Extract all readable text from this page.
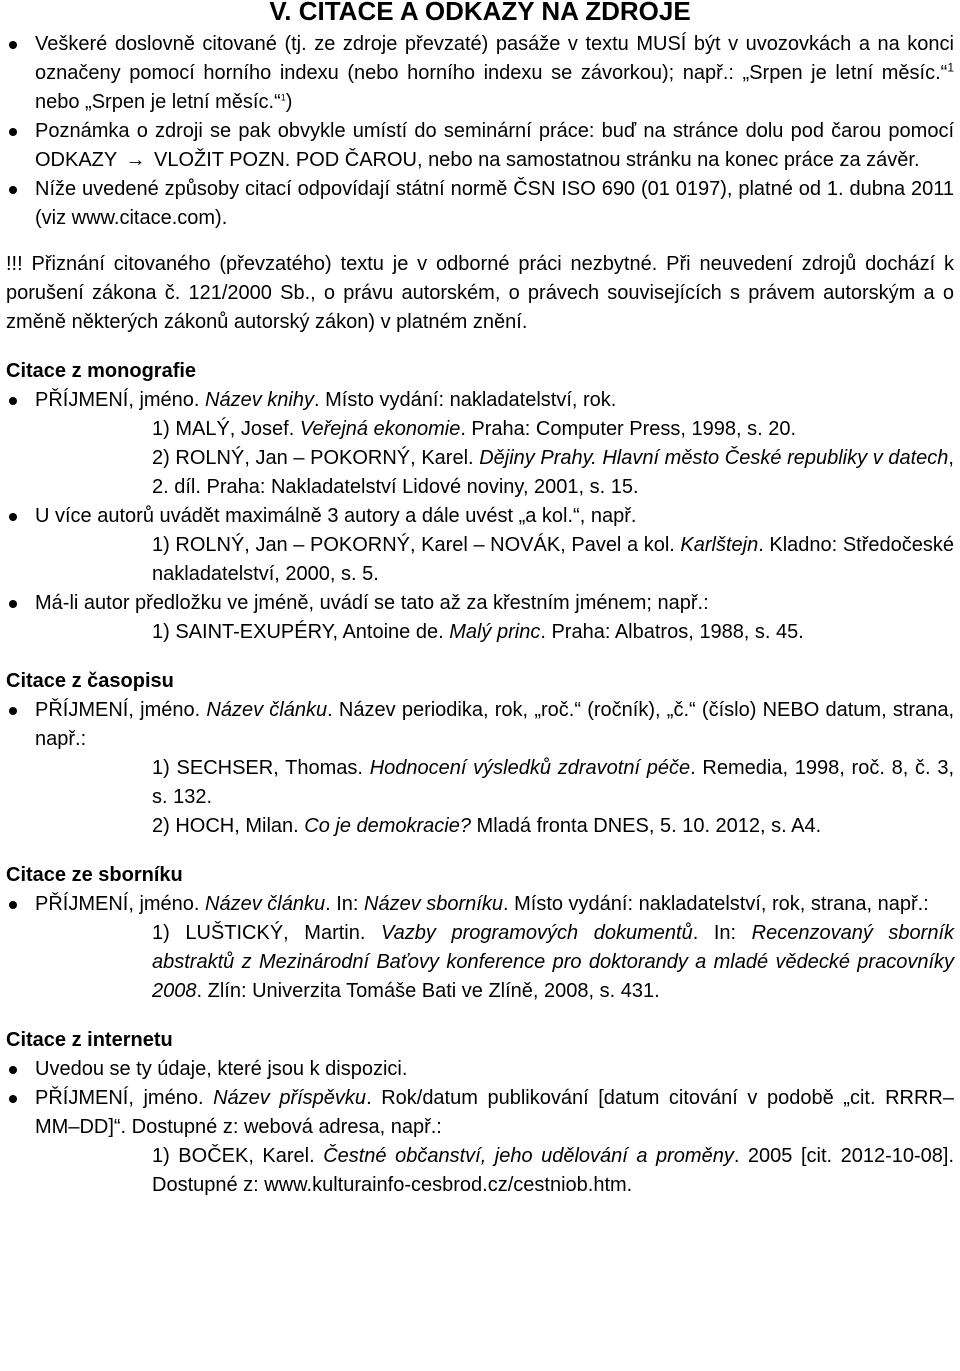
V. CITACE A ODKAZY NA ZDROJE
Veškeré doslovně citované (tj. ze zdroje převzaté) pasáže v textu MUSÍ být v uvozovkách a na konci označeny pomocí horního indexu (nebo horního indexu se závorkou); např.: „Srpen je letní měsíc.“$^1$ nebo „Srpen je letní měsíc.“$^1$)
Poznámka o zdroji se pak obvykle umístí do seminární práce: buď na stránce dolu pod čarou pomocí ODKAZY → VLOŽIT POZN. POD ČAROU, nebo na samostatnou stránku na konec práce za závěr.
Níže uvedené způsoby citací odpovídají státní normě ČSN ISO 690 (01 0197), platné od 1. dubna 2011 (viz www.citace.com).
!!! Přiznání citovaného (převzatého) textu je v odborné práci nezbytné. Při neuvedení zdrojů dochází k porušení zákona č. 121/2000 Sb., o právu autorském, o právech souvisejících s právem autorským a o změně některých zákonů autorský zákon) v platném znění.
Citace z monografie
PŘÍJMENÍ, jméno. Název knihy. Místo vydání: nakladatelství, rok.
1) MALÝ, Josef. Veřejná ekonomie. Praha: Computer Press, 1998, s. 20.
2) ROLNÝ, Jan – POKORNÝ, Karel. Dějiny Prahy. Hlavní město České republiky v datech, 2. díl. Praha: Nakladatelství Lidové noviny, 2001, s. 15.
U více autorů uvádět maximálně 3 autory a dále uvést „a kol.“, např.
1) ROLNÝ, Jan – POKORNÝ, Karel – NOVÁK, Pavel a kol. Karlštejn. Kladno: Středočeské nakladatelství, 2000, s. 5.
Má-li autor předložku ve jméně, uvádí se tato až za křestním jménem; např.:
1) SAINT-EXUPÉRY, Antoine de. Malý princ. Praha: Albatros, 1988, s. 45.
Citace z časopisu
PŘÍJMENÍ, jméno. Název článku. Název periodika, rok, „roč.“ (ročník), „č.“ (číslo) NEBO datum, strana, např.:
1) SECHSER, Thomas. Hodnocení výsledků zdravotní péče. Remedia, 1998, roč. 8, č. 3, s. 132.
2) HOCH, Milan. Co je demokracie? Mladá fronta DNES, 5. 10. 2012, s. A4.
Citace ze sborníku
PŘÍJMENÍ, jméno. Název článku. In: Název sborníku. Místo vydání: nakladatelství, rok, strana, např.:
1) LUŠTICKÝ, Martin. Vazby programových dokumentů. In: Recenzovaný sborník abstraktů z Mezinárodní Baťovy konference pro doktorandy a mladé vědecké pracovníky 2008. Zlín: Univerzita Tomáše Bati ve Zlíně, 2008, s. 431.
Citace z internetu
Uvedou se ty údaje, které jsou k dispozici.
PŘÍJMENÍ, jméno. Název příspěvku. Rok/datum publikování [datum citování v podobě „cit. RRRR–MM–DD]“. Dostupné z: webová adresa, např.:
1) BOČEK, Karel. Čestné občanství, jeho udělování a proměny. 2005 [cit. 2012-10-08]. Dostupné z: www.kulturainfo-cesbrod.cz/cestniob.htm.
